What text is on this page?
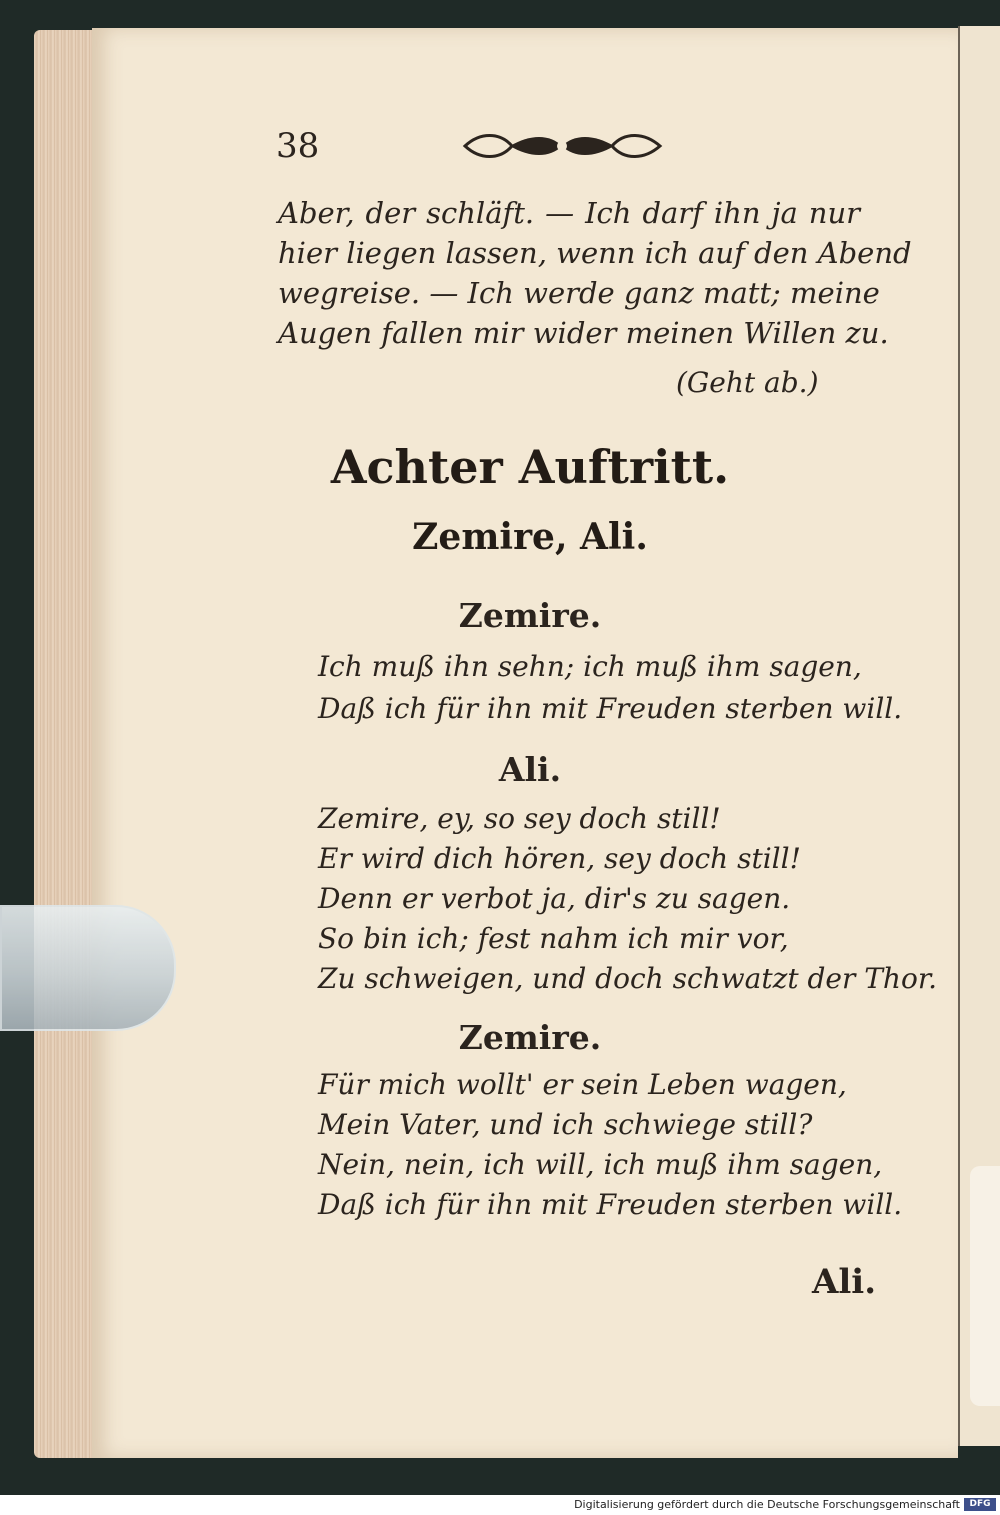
38
Aber, der schläft. — Ich darf ihn ja nur
hier liegen lassen, wenn ich auf den Abend
wegreise. — Ich werde ganz matt; meine
Augen fallen mir wider meinen Willen zu.
(Geht ab.)
Achter Auftritt.
Zemire, Ali.
Zemire.
Ich muß ihn sehn; ich muß ihm sagen,
Daß ich für ihn mit Freuden sterben will.
Ali.
Zemire, ey, so sey doch still!
Er wird dich hören, sey doch still!
Denn er verbot ja, dir's zu sagen.
So bin ich; fest nahm ich mir vor,
Zu schweigen, und doch schwatzt der Thor.
Zemire.
Für mich wollt' er sein Leben wagen,
Mein Vater, und ich schwiege still?
Nein, nein, ich will, ich muß ihm sagen,
Daß ich für ihn mit Freuden sterben will.
Ali.
Digitalisierung gefördert durch die Deutsche Forschungsgemeinschaft	DFG
